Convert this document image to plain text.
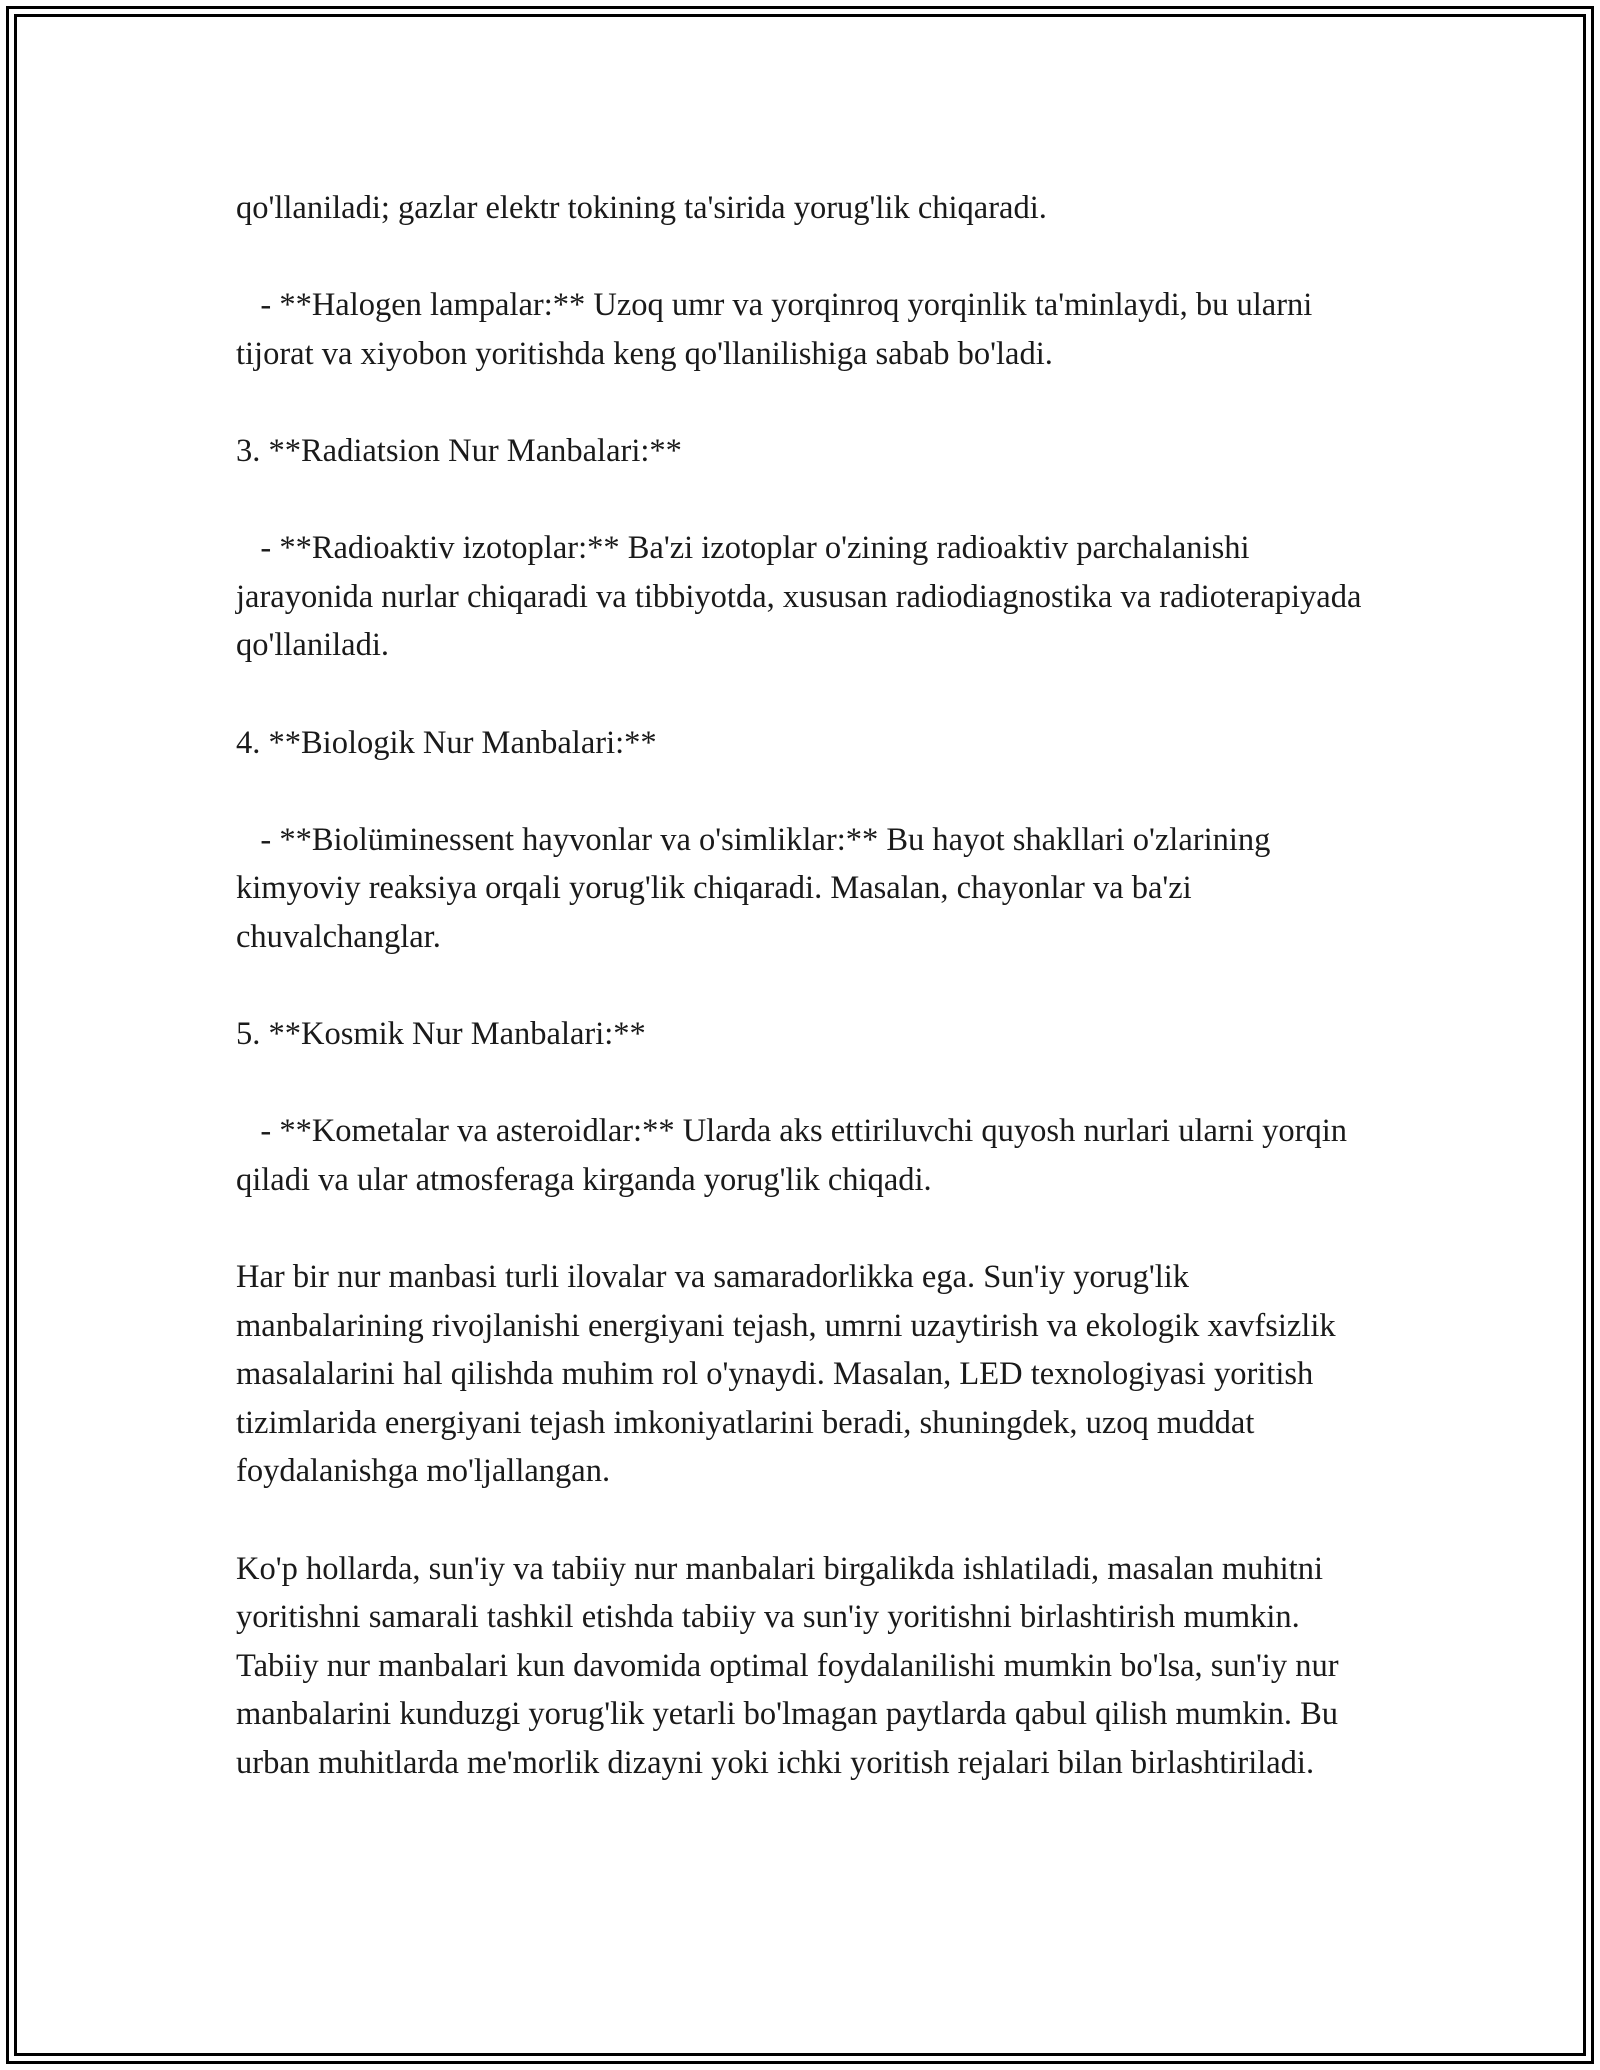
qo'llaniladi; gazlar elektr tokining ta'sirida yorug'lik chiqaradi.

- **Halogen lampalar:** Uzoq umr va yorqinroq yorqinlik ta'minlaydi, bu ularni tijorat va xiyobon yoritishda keng qo'llanilishiga sabab bo'ladi.

3. **Radiatsion Nur Manbalari:**

- **Radioaktiv izotoplar:** Ba'zi izotoplar o'zining radioaktiv parchalanishi jarayonida nurlar chiqaradi va tibbiyotda, xususan radiodiagnostika va radioterapiyada qo'llaniladi.

4. **Biologik Nur Manbalari:**

- **Biolüminessent hayvonlar va o'simliklar:** Bu hayot shakllari o'zlarining kimyoviy reaksiya orqali yorug'lik chiqaradi. Masalan, chayonlar va ba'zi chuvalchanglar.

5. **Kosmik Nur Manbalari:**

- **Kometalar va asteroidlar:** Ularda aks ettiriluvchi quyosh nurlari ularni yorqin qiladi va ular atmosferaga kirganda yorug'lik chiqadi.

Har bir nur manbasi turli ilovalar va samaradorlikka ega. Sun'iy yorug'lik manbalarining rivojlanishi energiyani tejash, umrni uzaytirish va ekologik xavfsizlik masalalarini hal qilishda muhim rol o'ynaydi. Masalan, LED texnologiyasi yoritish tizimlarida energiyani tejash imkoniyatlarini beradi, shuningdek, uzoq muddat foydalanishga mo'ljallangan.

Ko'p hollarda, sun'iy va tabiiy nur manbalari birgalikda ishlatiladi, masalan muhitni yoritishni samarali tashkil etishda tabiiy va sun'iy yoritishni birlashtirish mumkin. Tabiiy nur manbalari kun davomida optimal foydalanilishi mumkin bo'lsa, sun'iy nur manbalarini kunduzgi yorug'lik yetarli bo'lmagan paytlarda qabul qilish mumkin. Bu urban muhitlarda me'morlik dizayni yoki ichki yoritish rejalari bilan birlashtiriladi.
